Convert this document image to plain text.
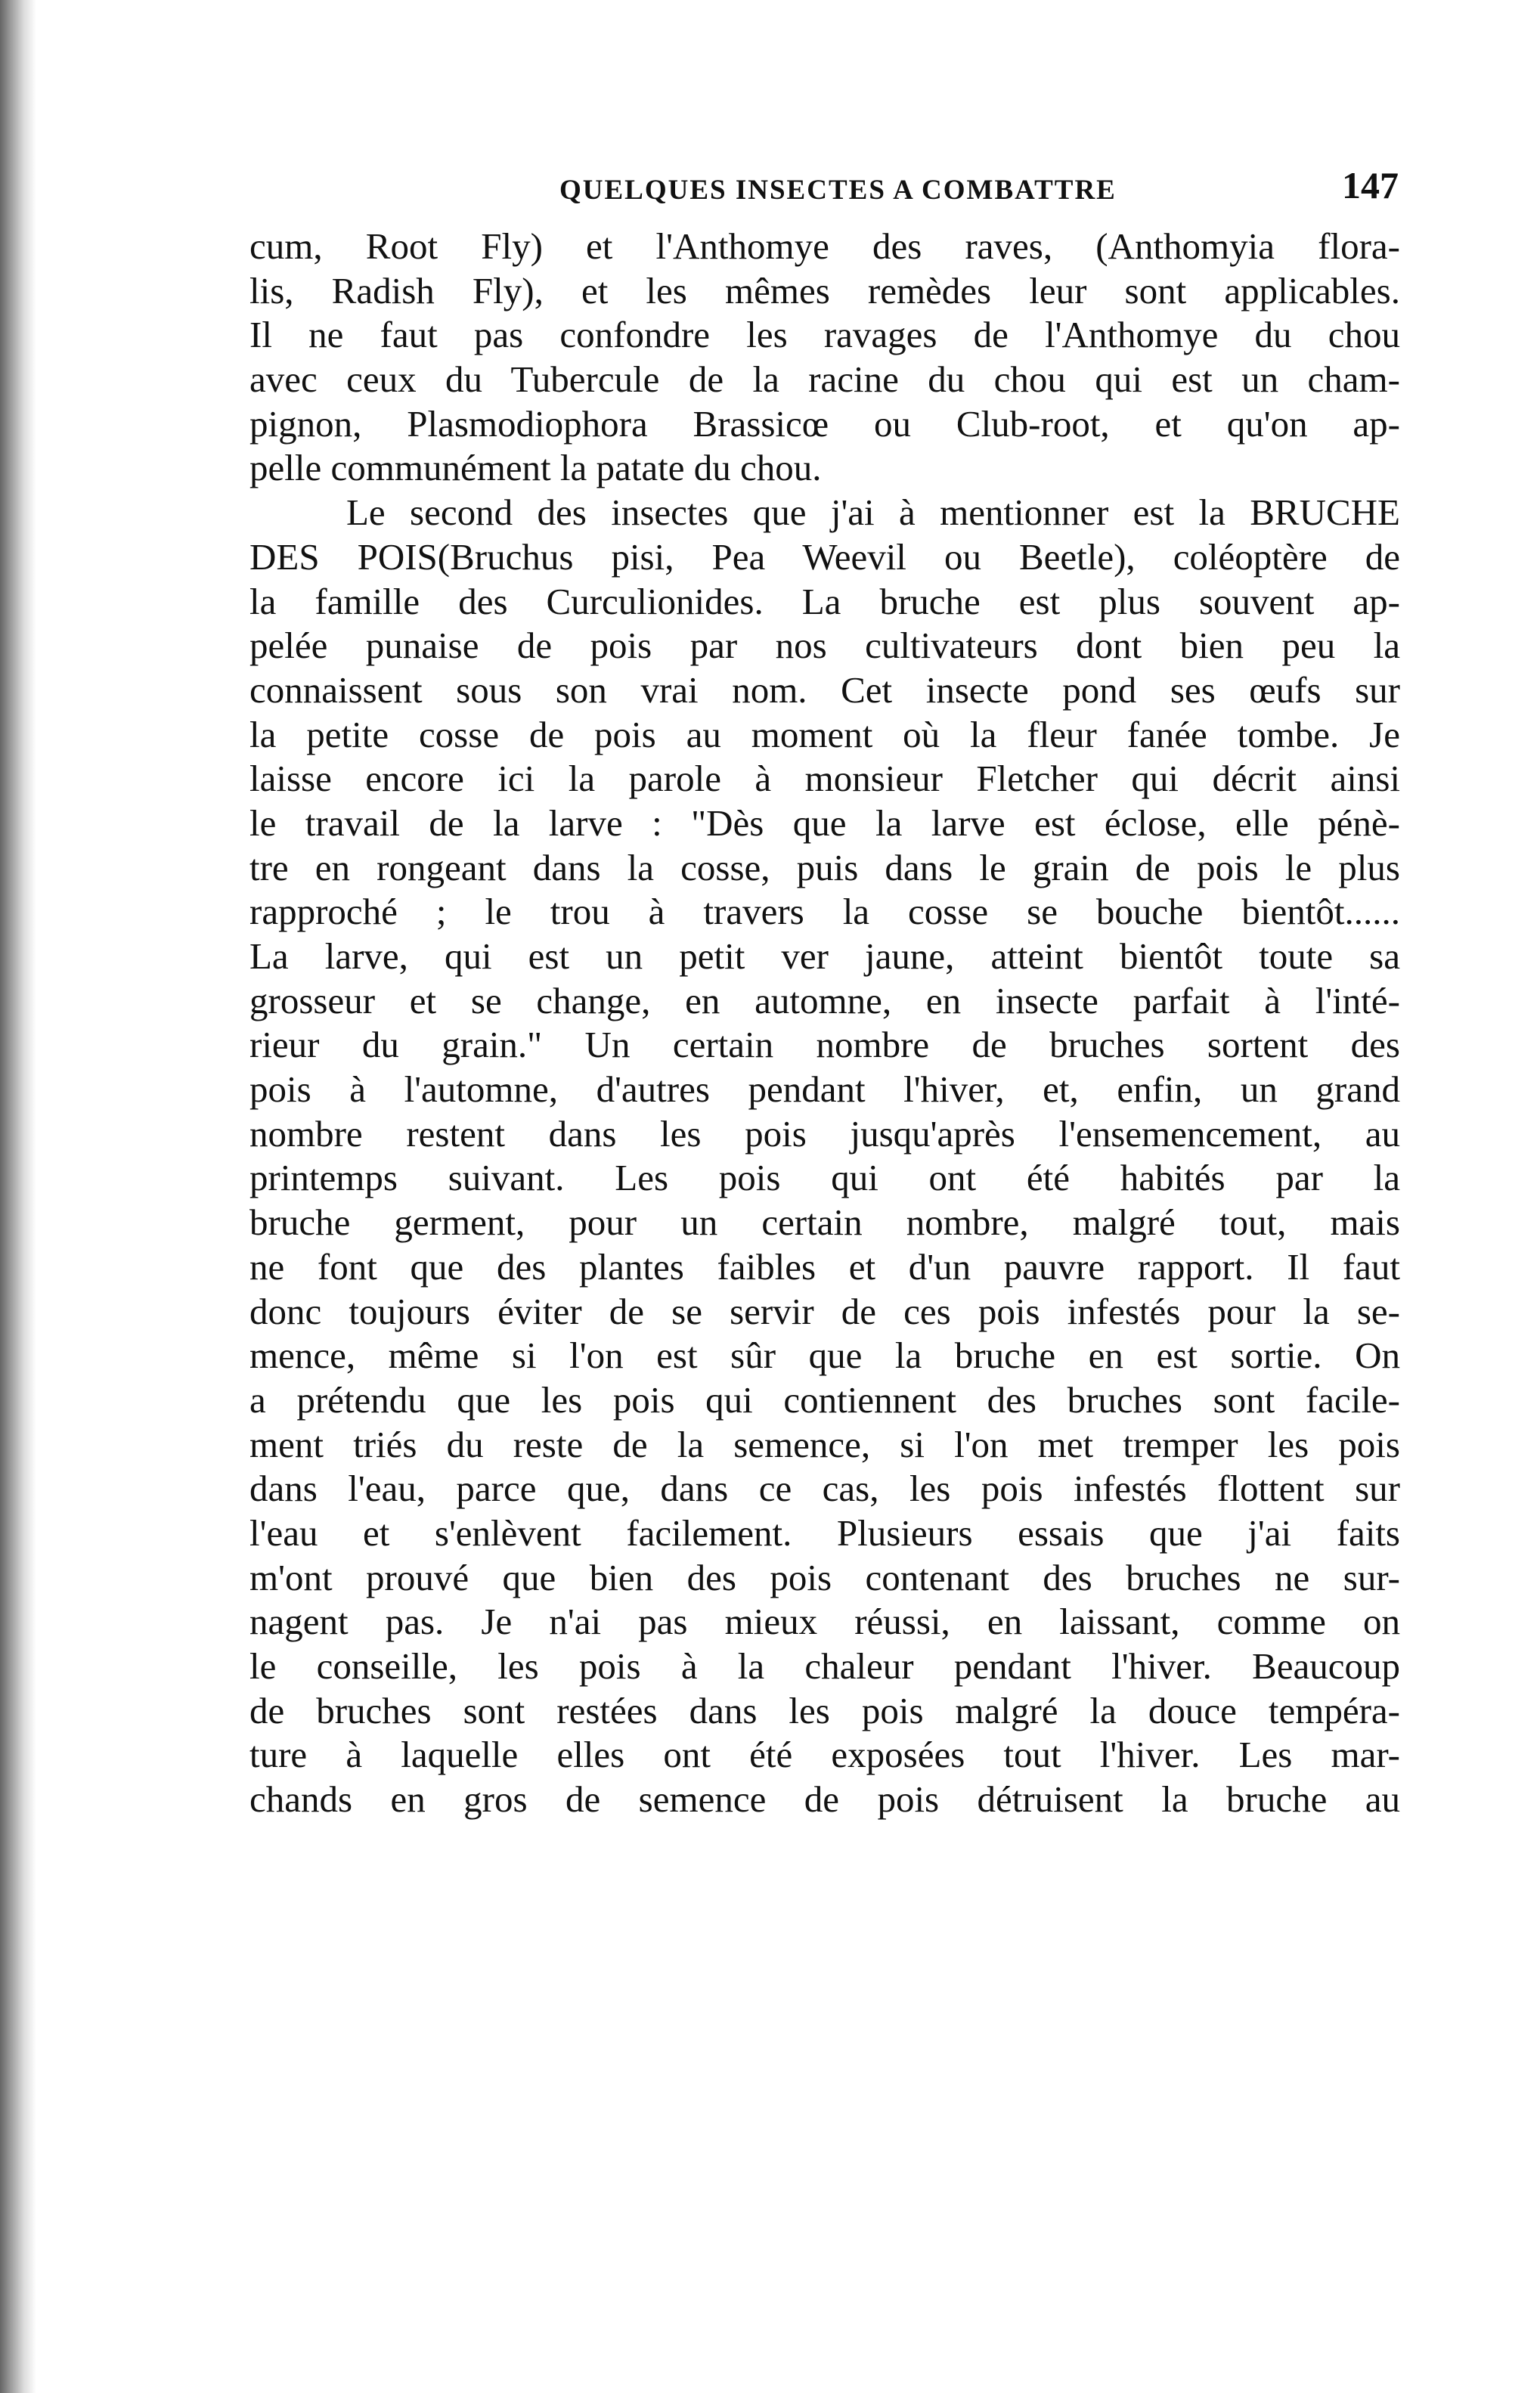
QUELQUES INSECTES A COMBATTRE	147
cum, Root Fly) et l'Anthomye des raves, (Anthomyia flora-
lis, Radish Fly), et les mêmes remèdes leur sont applicables.
Il ne faut pas confondre les ravages de l'Anthomye du chou
avec ceux du Tubercule de la racine du chou qui est un cham-
pignon, Plasmodiophora Brassicœ ou Club-root, et qu'on ap-
pelle communément la patate du chou.
Le second des insectes que j'ai à mentionner est la BRUCHE
DES POIS(Bruchus pisi, Pea Weevil ou Beetle), coléoptère de
la famille des Curculionides. La bruche est plus souvent ap-
pelée punaise de pois par nos cultivateurs dont bien peu la
connaissent sous son vrai nom. Cet insecte pond ses œufs sur
la petite cosse de pois au moment où la fleur fanée tombe. Je
laisse encore ici la parole à monsieur Fletcher qui décrit ainsi
le travail de la larve : "Dès que la larve est éclose, elle pénè-
tre en rongeant dans la cosse, puis dans le grain de pois le plus
rapproché ; le trou à travers la cosse se bouche bientôt......
La larve, qui est un petit ver jaune, atteint bientôt toute sa
grosseur et se change, en automne, en insecte parfait à l'inté-
rieur du grain." Un certain nombre de bruches sortent des
pois à l'automne, d'autres pendant l'hiver, et, enfin, un grand
nombre restent dans les pois jusqu'après l'ensemencement, au
printemps suivant. Les pois qui ont été habités par la
bruche germent, pour un certain nombre, malgré tout, mais
ne font que des plantes faibles et d'un pauvre rapport. Il faut
donc toujours éviter de se servir de ces pois infestés pour la se-
mence, même si l'on est sûr que la bruche en est sortie. On
a prétendu que les pois qui contiennent des bruches sont facile-
ment triés du reste de la semence, si l'on met tremper les pois
dans l'eau, parce que, dans ce cas, les pois infestés flottent sur
l'eau et s'enlèvent facilement. Plusieurs essais que j'ai faits
m'ont prouvé que bien des pois contenant des bruches ne sur-
nagent pas. Je n'ai pas mieux réussi, en laissant, comme on
le conseille, les pois à la chaleur pendant l'hiver. Beaucoup
de bruches sont restées dans les pois malgré la douce tempéra-
ture à laquelle elles ont été exposées tout l'hiver. Les mar-
chands en gros de semence de pois détruisent la bruche au
